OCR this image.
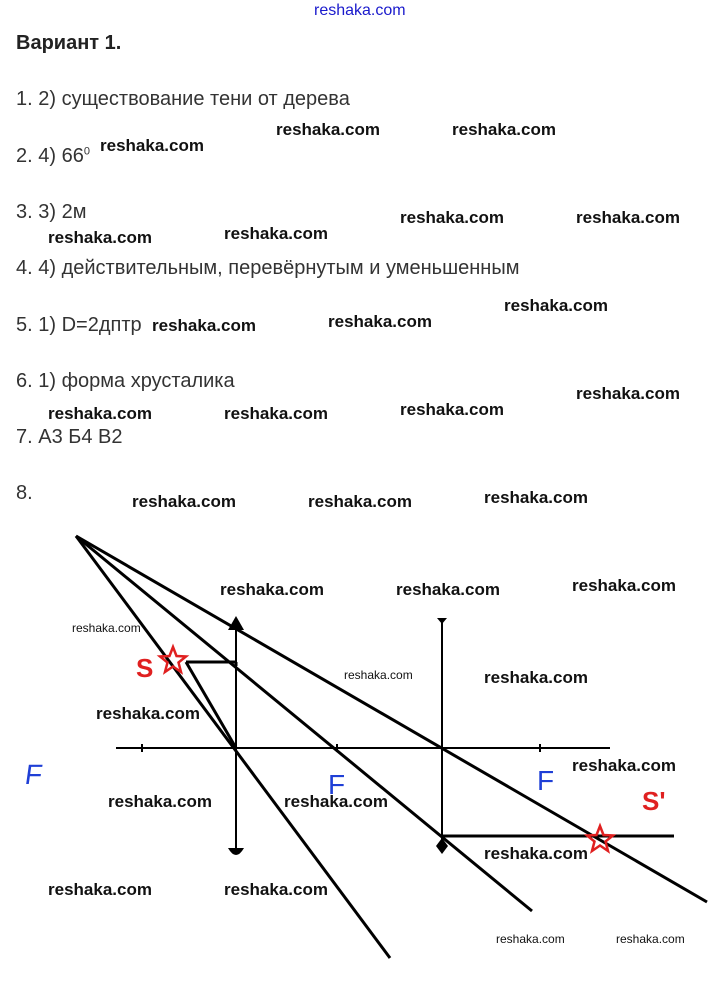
reshaka.com
Вариант 1.
1. 2) существование тени от дерева
2. 4) $66^0$
3. 3) 2м
4. 4) действительным, перевёрнутым и уменьшенным
5. 1) D=2дптр
6. 1) форма хрусталика
7. А3 Б4 В2
8.
reshaka.com	reshaka.com
reshaka.com
reshaka.com	reshaka.com
reshaka.com	reshaka.com
reshaka.com
reshaka.com	reshaka.com
reshaka.com
reshaka.com	reshaka.com	reshaka.com
reshaka.com	reshaka.com	reshaka.com
reshaka.com	reshaka.com	reshaka.com
reshaka.com
reshaka.com	reshaka.com
reshaka.com
reshaka.com
reshaka.com	reshaka.com
reshaka.com
reshaka.com	reshaka.com
reshaka.com	reshaka.com
F	F	F
S
S'
